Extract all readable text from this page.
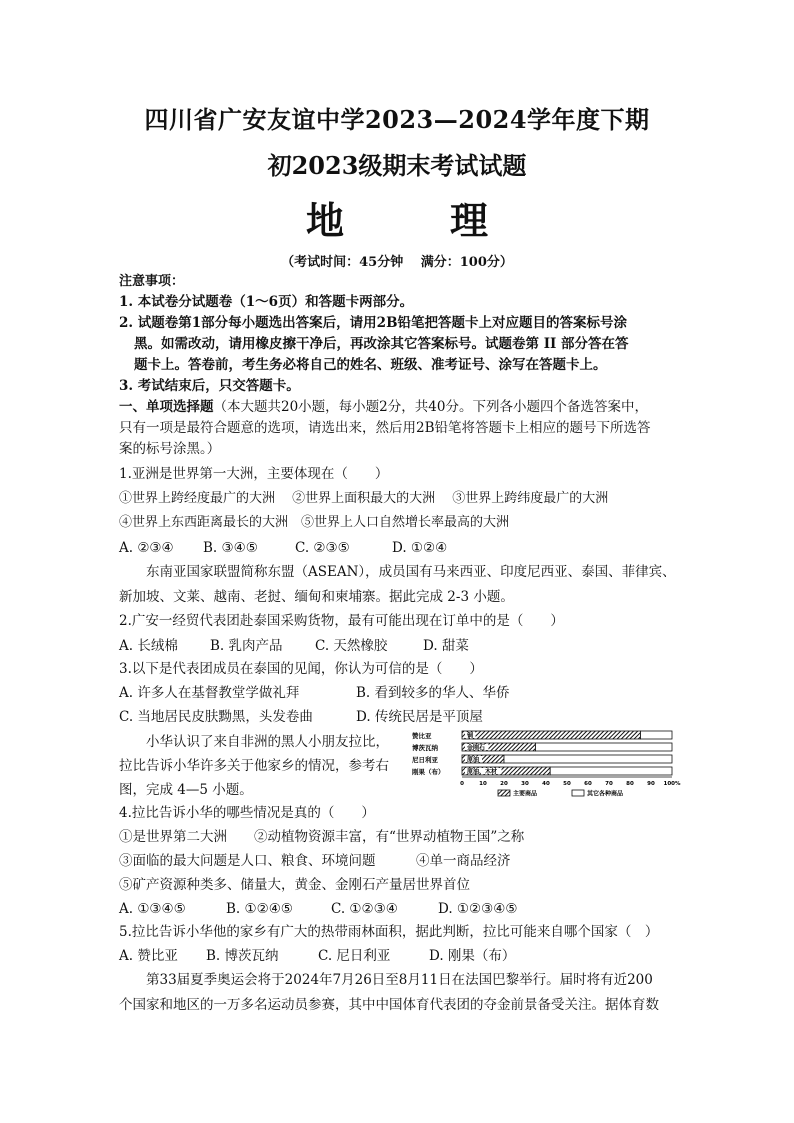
四川省广安友谊中学2023—2024学年度下期
初2023级期末考试试题
地　理
（考试时间：45分钟　 满分：100分）
注意事项：
1. 本试卷分试题卷（1～6页）和答题卡两部分。
2. 试题卷第1部分每小题选出答案后，请用2B铅笔把答题卡上对应题目的答案标号涂
黑。如需改动，请用橡皮擦干净后，再改涂其它答案标号。试题卷第 II 部分答在答
题卡上。答卷前，考生务必将自己的姓名、班级、准考证号、涂写在答题卡上。
3. 考试结束后，只交答题卡。
一、单项选择题（本大题共20小题，每小题2分，共40分。下列各小题四个备选答案中，
只有一项是最符合题意的选项，请选出来，然后用2B铅笔将答题卡上相应的题号下所选答
案的标号涂黑。）
1.亚洲是世界第一大洲，主要体现在（　　）
①世界上跨经度最广的大洲　 ②世界上面积最大的大洲　 ③世界上跨纬度最广的大洲
④世界上东西距离最长的大洲　⑤世界上人口自然增长率最高的大洲
A. ②③④ B. ③④⑤	C. ②③⑤	D. ①②④
东南亚国家联盟简称东盟（ASEAN），成员国有马来西亚、印度尼西亚、泰国、菲律宾、
新加坡、文莱、越南、老挝、缅甸和柬埔寨。据此完成 2-3 小题。
2.广安一经贸代表团赴泰国采购货物，最有可能出现在订单中的是（　　）
A. 长绒棉 B. 乳肉产品 C. 天然橡胶	D. 甜菜
3.以下是代表团成员在泰国的见闻，你认为可信的是（　　）
A. 许多人在基督教堂学做礼拜	B. 看到较多的华人、华侨
C. 当地居民皮肤黝黑，头发卷曲	D. 传统民居是平顶屋
小华认识了来自非洲的黑人小朋友拉比，
拉比告诉小华许多关于他家乡的情况，参考右
图，完成 4—5 小题。
赞比亚	铜
博茨瓦纳	金刚石
尼日利亚	原油
刚果（布）	原油、木材
0	10 20 30 40 50 60 70 80 90 100%
主要商品	其它各种商品
4.拉比告诉小华的哪些情况是真的（　　）
①是世界第二大洲　　②动植物资源丰富，有“世界动植物王国”之称
③面临的最大问题是人口、粮食、环境问题　　　④单一商品经济
⑤矿产资源种类多、储量大，黄金、金刚石产量居世界首位
A. ①③④⑤	B. ①②④⑤	C. ①②③④	D. ①②③④⑤
5.拉比告诉小华他的家乡有广大的热带雨林面积，据此判断，拉比可能来自哪个国家（　）
A. 赞比亚 B. 博茨瓦纳	C. 尼日利亚	D. 刚果（布）
第33届夏季奥运会将于2024年7月26日至8月11日在法国巴黎举行。届时将有近200
个国家和地区的一万多名运动员参赛，其中中国体育代表团的夺金前景备受关注。据体育数
